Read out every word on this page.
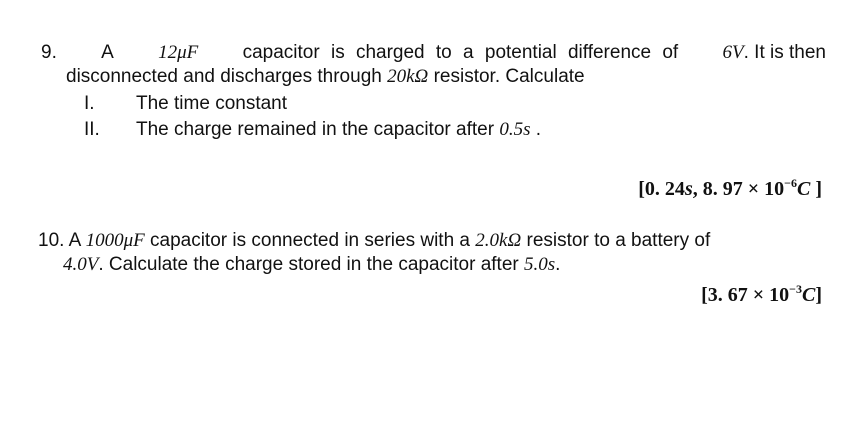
9. A 12μF capacitor is charged to a potential difference of 6V. It is then
disconnected and discharges through 20kΩ resistor. Calculate
I. The time constant
II. The charge remained in the capacitor after 0.5s .
[0. 24s, 8. $97 \times 10^{-6}C$ ]
10. A 1000μF capacitor is connected in series with a 2.0kΩ resistor to a battery of
4.0V. Calculate the charge stored in the capacitor after 5.0s.
[3. $67 \times 10^{-3}C$]
